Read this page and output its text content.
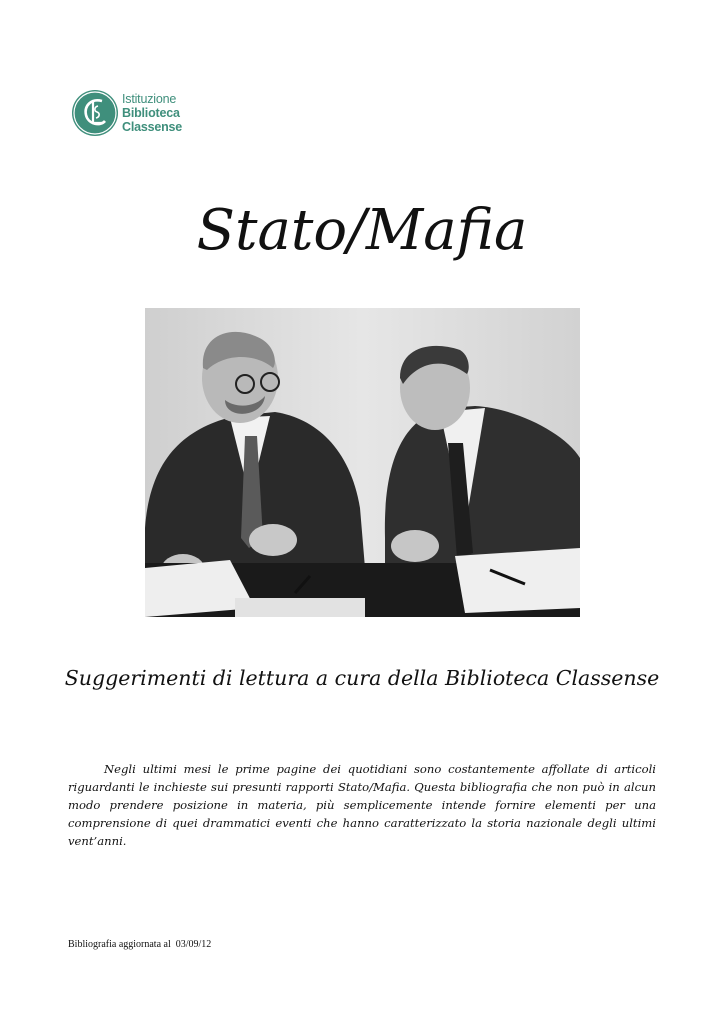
Istituzione
Biblioteca
Classense
Stato/Mafia
Suggerimenti di lettura a cura della Biblioteca Classense
Negli ultimi mesi le prime pagine dei quotidiani sono costantemente affollate di articoli riguardanti le inchieste sui presunti rapporti Stato/Mafia. Questa bibliografia che non può in alcun modo prendere posizione in materia, più semplicemente intende fornire elementi per una comprensione di quei drammatici eventi che hanno caratterizzato la storia nazionale degli ultimi vent’anni.
Bibliografia aggiornata al  03/09/12
